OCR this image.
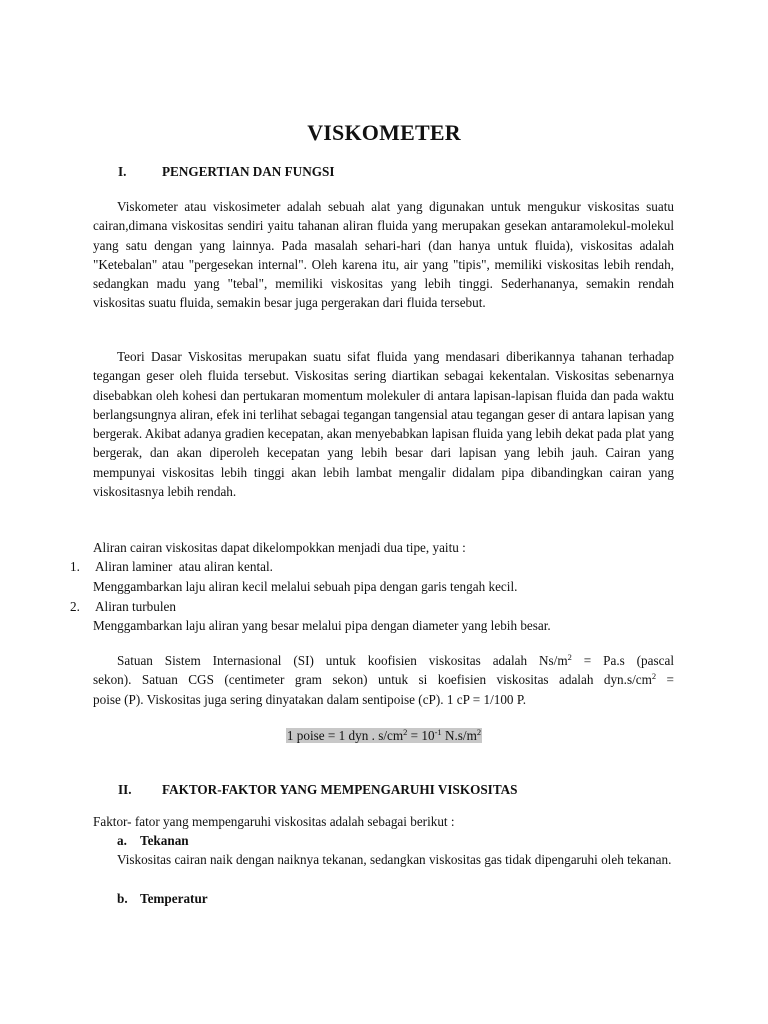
VISKOMETER
I.	PENGERTIAN DAN FUNGSI

Viskometer atau viskosimeter adalah sebuah alat yang digunakan untuk mengukur viskositas suatu cairan,dimana viskositas sendiri yaitu tahanan aliran fluida yang merupakan gesekan antaramolekul-molekul yang satu dengan yang lainnya. Pada masalah sehari-hari (dan hanya untuk fluida), viskositas adalah "Ketebalan" atau "pergesekan internal". Oleh karena itu, air yang "tipis", memiliki viskositas lebih rendah, sedangkan madu yang "tebal", memiliki viskositas yang lebih tinggi. Sederhananya, semakin rendah viskositas suatu fluida, semakin besar juga pergerakan dari fluida tersebut.

Teori Dasar Viskositas merupakan suatu sifat fluida yang mendasari diberikannya tahanan terhadap tegangan geser oleh fluida tersebut. Viskositas sering diartikan sebagai kekentalan. Viskositas sebenarnya disebabkan oleh kohesi dan pertukaran momentum molekuler di antara lapisan-lapisan fluida dan pada waktu berlangsungnya aliran, efek ini terlihat sebagai tegangan tangensial atau tegangan geser di antara lapisan yang bergerak. Akibat adanya gradien kecepatan, akan menyebabkan lapisan fluida yang lebih dekat pada plat yang bergerak, dan akan diperoleh kecepatan yang lebih besar dari lapisan yang lebih jauh. Cairan yang mempunyai viskositas lebih tinggi akan lebih lambat mengalir didalam pipa dibandingkan cairan yang viskositasnya lebih rendah.

Aliran cairan viskositas dapat dikelompokkan menjadi dua tipe, yaitu :
1. Aliran laminer  atau aliran kental.
Menggambarkan laju aliran kecil melalui sebuah pipa dengan garis tengah kecil.
2. Aliran turbulen
Menggambarkan laju aliran yang besar melalui pipa dengan diameter yang lebih besar.
Satuan Sistem Internasional (SI) untuk koofisien viskositas adalah $Ns/m^2 = Pa.s$ (pascal
sekon). Satuan CGS (centimeter gram sekon) untuk si koefisien viskositas adalah $dyn.s/cm^2$ =
poise (P). Viskositas juga sering dinyatakan dalam sentipoise (cP). 1 cP = 1/100 P.
1 poise = 1 dyn . $s/cm^2 = 10^{-1}$ $N.s/m^2$
II. FAKTOR-FAKTOR YANG MEMPENGARUHI VISKOSITAS
Faktor- fator yang mempengaruhi viskositas adalah sebagai berikut :
a. Tekanan

Viskositas cairan naik dengan naiknya tekanan, sedangkan viskositas gas tidak dipengaruhi oleh tekanan.

b. Temperatur
